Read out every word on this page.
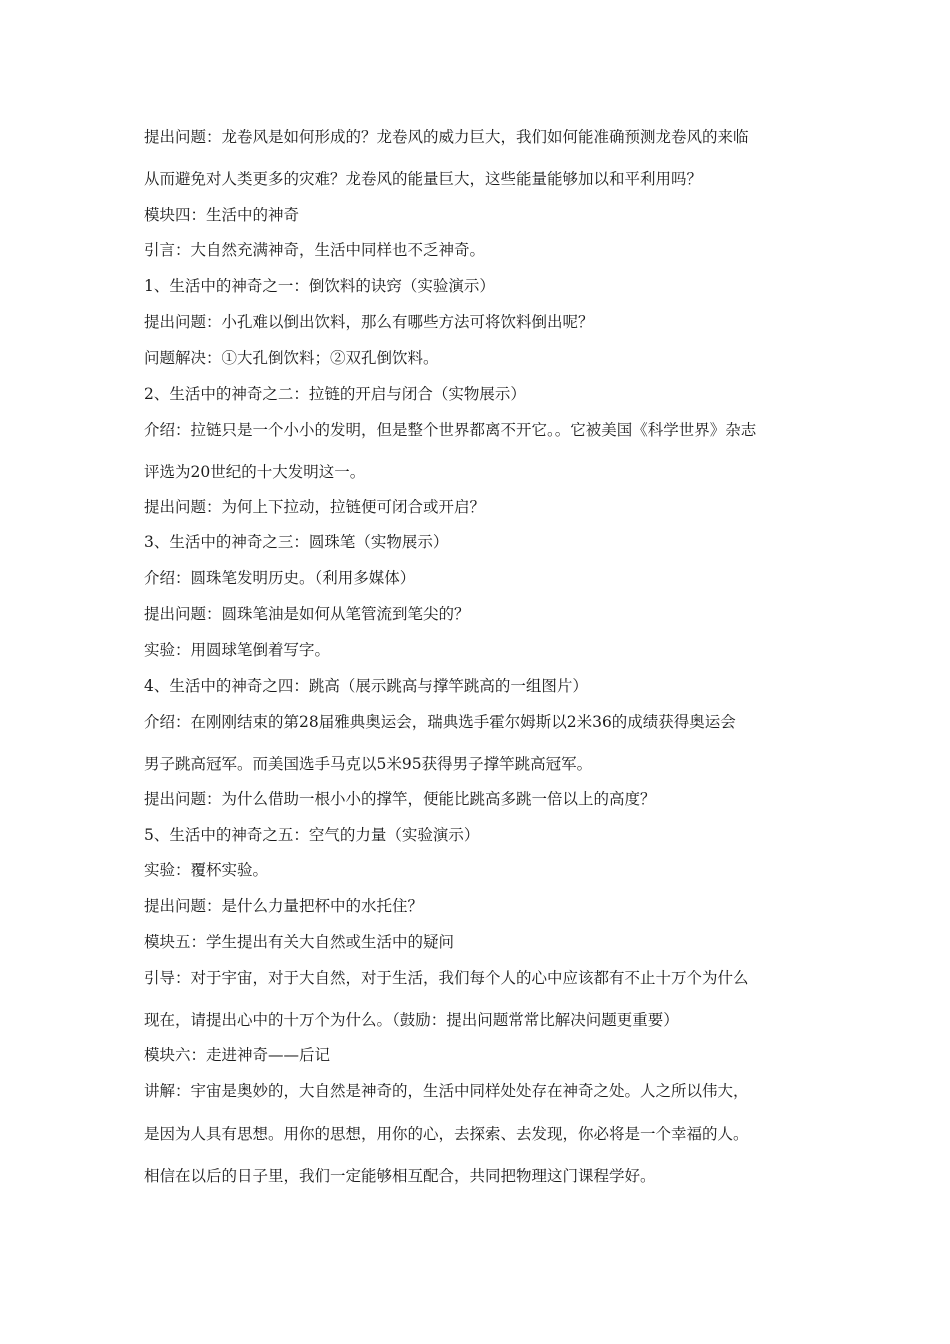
提出问题：龙卷风是如何形成的？龙卷风的威力巨大，我们如何能准确预测龙卷风的来临
从而避免对人类更多的灾难？龙卷风的能量巨大，这些能量能够加以和平利用吗？
模块四：生活中的神奇
引言：大自然充满神奇，生活中同样也不乏神奇。
1、生活中的神奇之一：倒饮料的诀窍（实验演示）
提出问题：小孔难以倒出饮料，那么有哪些方法可将饮料倒出呢？
问题解决：①大孔倒饮料；②双孔倒饮料。
2、生活中的神奇之二：拉链的开启与闭合（实物展示）
介绍：拉链只是一个小小的发明，但是整个世界都离不开它。。它被美国《科学世界》杂志
评选为20世纪的十大发明这一。
提出问题：为何上下拉动，拉链便可闭合或开启？
3、生活中的神奇之三：圆珠笔（实物展示）
介绍：圆珠笔发明历史。（利用多媒体）
提出问题：圆珠笔油是如何从笔管流到笔尖的？
实验：用圆球笔倒着写字。
4、生活中的神奇之四：跳高（展示跳高与撑竿跳高的一组图片）
介绍：在刚刚结束的第28届雅典奥运会，瑞典选手霍尔姆斯以2米36的成绩获得奥运会
男子跳高冠军。而美国选手马克以5米95获得男子撑竿跳高冠军。
提出问题：为什么借助一根小小的撑竿，便能比跳高多跳一倍以上的高度？
5、生活中的神奇之五：空气的力量（实验演示）
实验：覆杯实验。
提出问题：是什么力量把杯中的水托住？
模块五：学生提出有关大自然或生活中的疑问
引导：对于宇宙，对于大自然，对于生活，我们每个人的心中应该都有不止十万个为什么
现在，请提出心中的十万个为什么。（鼓励：提出问题常常比解决问题更重要）
模块六：走进神奇——后记
讲解：宇宙是奥妙的，大自然是神奇的，生活中同样处处存在神奇之处。人之所以伟大，
是因为人具有思想。用你的思想，用你的心，去探索、去发现，你必将是一个幸福的人。
相信在以后的日子里，我们一定能够相互配合，共同把物理这门课程学好。
